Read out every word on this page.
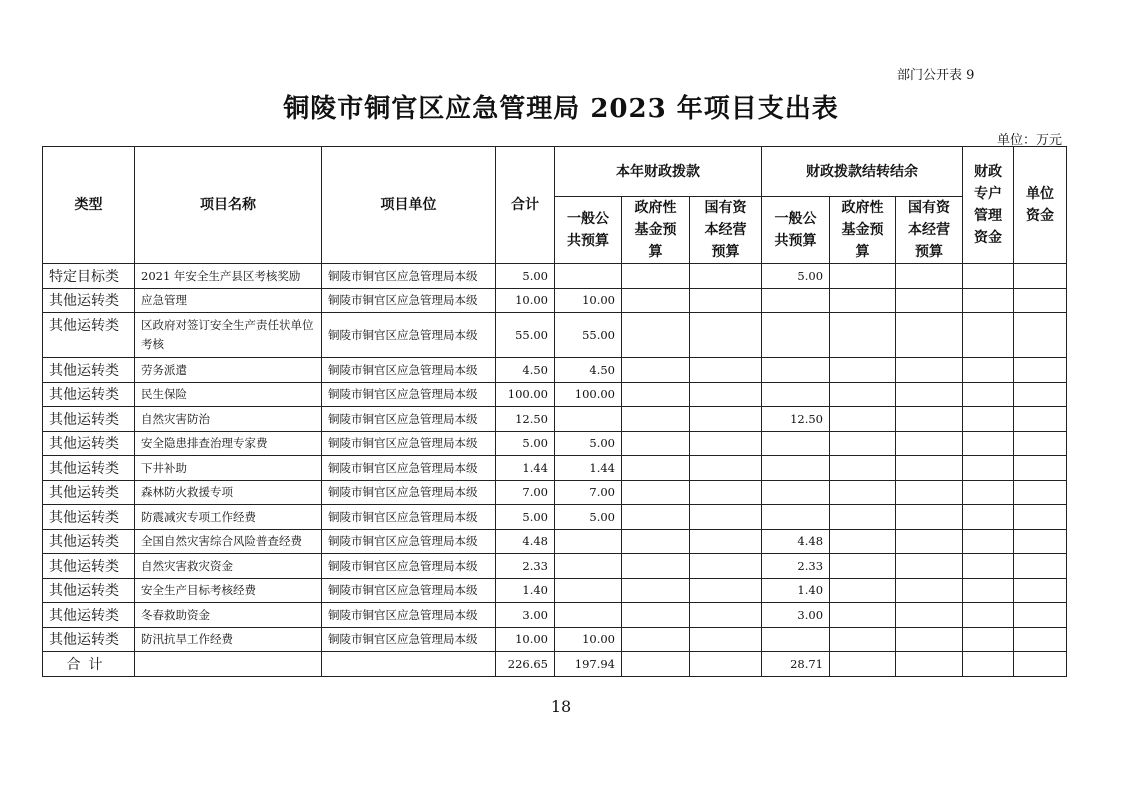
部门公开表 9
铜陵市铜官区应急管理局 2023 年项目支出表
单位：万元
类型	项目名称	项目单位	合计	本年财政拨款			财政拨款结转结余			财政专户管理资金	单位资金
				一般公共预算	政府性基金预算	国有资本经营预算	一般公共预算	政府性基金预算	国有资本经营预算		
特定目标类	2021 年安全生产县区考核奖励	铜陵市铜官区应急管理局本级	5.00				5.00				
其他运转类	应急管理	铜陵市铜官区应急管理局本级	10.00	10.00							
其他运转类	区政府对签订安全生产责任状单位考核	铜陵市铜官区应急管理局本级	55.00	55.00							
其他运转类	劳务派遣	铜陵市铜官区应急管理局本级	4.50	4.50							
其他运转类	民生保险	铜陵市铜官区应急管理局本级	100.00	100.00							
其他运转类	自然灾害防治	铜陵市铜官区应急管理局本级	12.50				12.50				
其他运转类	安全隐患排查治理专家费	铜陵市铜官区应急管理局本级	5.00	5.00							
其他运转类	下井补助	铜陵市铜官区应急管理局本级	1.44	1.44							
其他运转类	森林防火救援专项	铜陵市铜官区应急管理局本级	7.00	7.00							
其他运转类	防震减灾专项工作经费	铜陵市铜官区应急管理局本级	5.00	5.00							
其他运转类	全国自然灾害综合风险普查经费	铜陵市铜官区应急管理局本级	4.48				4.48				
其他运转类	自然灾害救灾资金	铜陵市铜官区应急管理局本级	2.33				2.33				
其他运转类	安全生产目标考核经费	铜陵市铜官区应急管理局本级	1.40				1.40				
其他运转类	冬春救助资金	铜陵市铜官区应急管理局本级	3.00				3.00				
其他运转类	防汛抗旱工作经费	铜陵市铜官区应急管理局本级	10.00	10.00							
合计			226.65	197.94			28.71				
18
